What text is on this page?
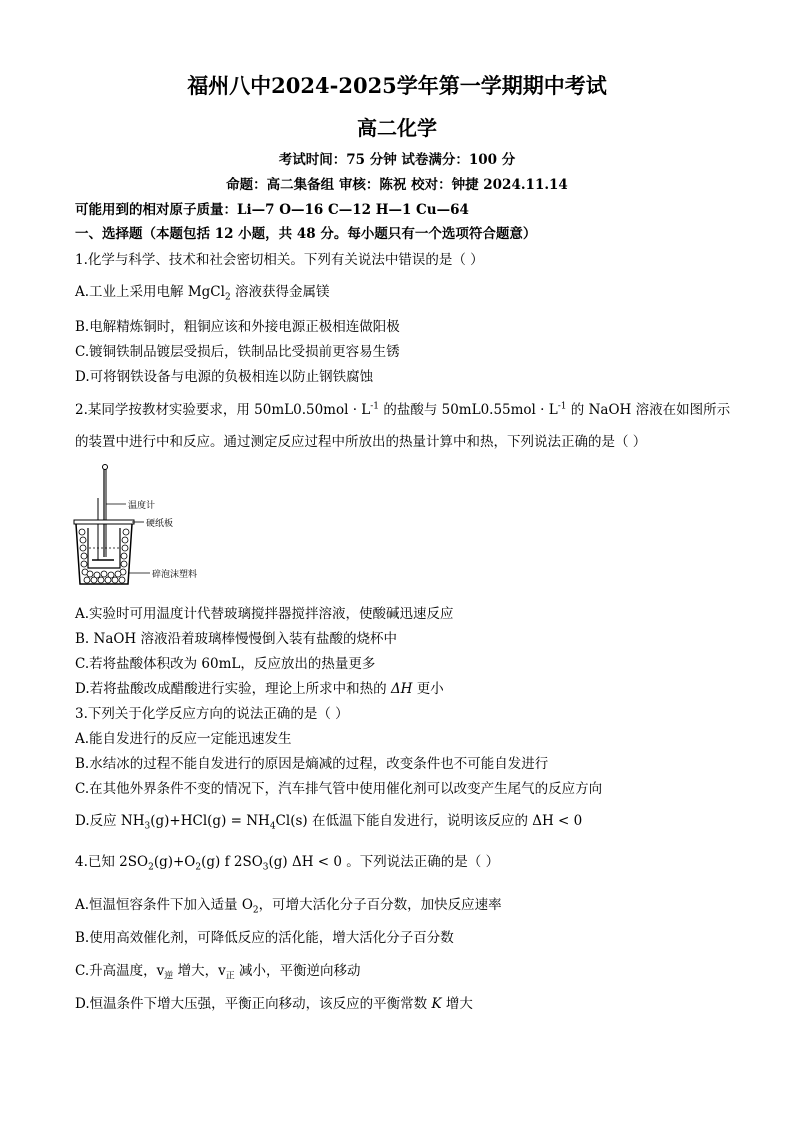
福州八中2024-2025学年第一学期期中考试
高二化学
考试时间：75 分钟 试卷满分：100 分
命题：高二集备组 审核：陈祝 校对：钟捷 2024.11.14
可能用到的相对原子质量：Li—7 O—16 C—12 H—1 Cu—64
一、选择题（本题包括 12 小题，共 48 分。每小题只有一个选项符合题意）
1.化学与科学、技术和社会密切相关。下列有关说法中错误的是（ ）
A.工业上采用电解 MgCl$_2$ 溶液获得金属镁
B.电解精炼铜时，粗铜应该和外接电源正极相连做阳极
C.镀铜铁制品镀层受损后，铁制品比受损前更容易生锈
D.可将钢铁设备与电源的负极相连以防止钢铁腐蚀
2.某同学按教材实验要求，用 $50mL0.50mol \cdot L^{-1}$ 的盐酸与 $50mL0.55mol \cdot L^{-1}$ 的 NaOH 溶液在如图所示
的装置中进行中和反应。通过测定反应过程中所放出的热量计算中和热，下列说法正确的是（ ）
温度计
硬纸板
碎泡沫塑料
A.实验时可用温度计代替玻璃搅拌器搅拌溶液，使酸碱迅速反应
B. NaOH 溶液沿着玻璃棒慢慢倒入装有盐酸的烧杯中
C.若将盐酸体积改为 60mL，反应放出的热量更多
D.若将盐酸改成醋酸进行实验，理论上所求中和热的 ΔH 更小
3.下列关于化学反应方向的说法正确的是（ ）
A.能自发进行的反应一定能迅速发生
B.水结冰的过程不能自发进行的原因是熵减的过程，改变条件也不可能自发进行
C.在其他外界条件不变的情况下，汽车排气管中使用催化剂可以改变产生尾气的反应方向
D.反应 $NH_3(g)+HCl(g) = NH_4Cl(s)$ 在低温下能自发进行，说明该反应的 ΔH < 0
4.已知 $2SO_2(g)+O_2(g)$ f $2SO_3(g) \Delta H < 0$ 。下列说法正确的是（ ）
A.恒温恒容条件下加入适量 $O_2$，可增大活化分子百分数，加快反应速率
B.使用高效催化剂，可降低反应的活化能，增大活化分子百分数
C.升高温度，$v_逆$ 增大，$v_正$ 减小，平衡逆向移动
D.恒温条件下增大压强，平衡正向移动，该反应的平衡常数 K 增大
